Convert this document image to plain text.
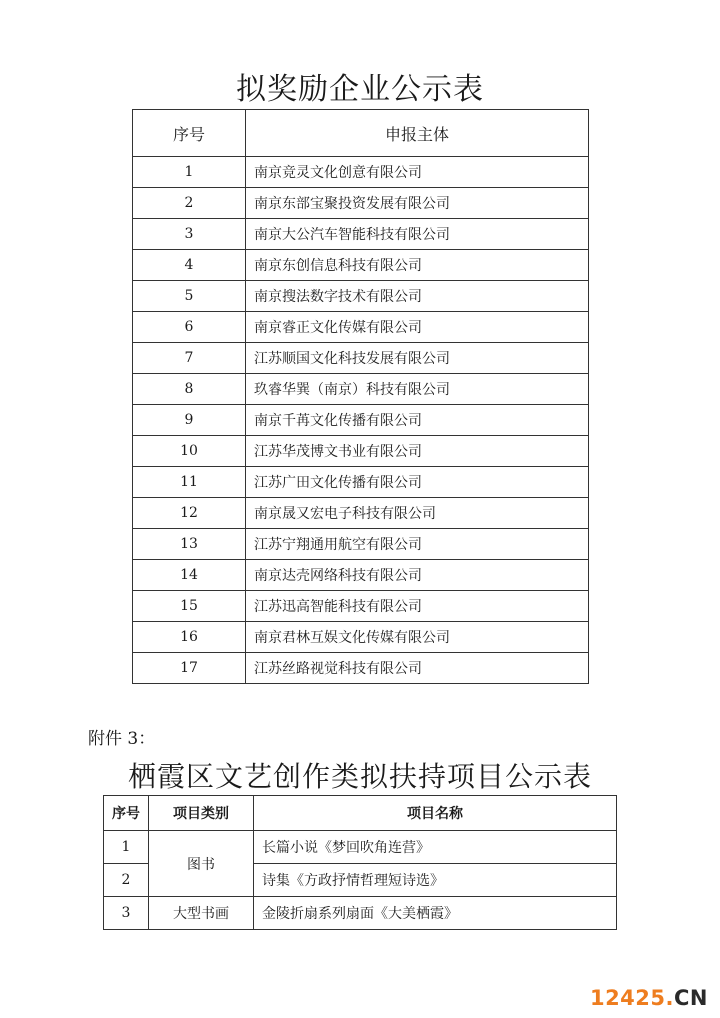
拟奖励企业公示表
序号	申报主体
1	南京竞灵文化创意有限公司
2	南京东部宝聚投资发展有限公司
3	南京大公汽车智能科技有限公司
4	南京东创信息科技有限公司
5	南京搜法数字技术有限公司
6	南京睿正文化传媒有限公司
7	江苏顺国文化科技发展有限公司
8	玖睿华巽（南京）科技有限公司
9	南京千苒文化传播有限公司
10	江苏华茂博文书业有限公司
11	江苏广田文化传播有限公司
12	南京晟又宏电子科技有限公司
13	江苏宁翔通用航空有限公司
14	南京达壳网络科技有限公司
15	江苏迅高智能科技有限公司
16	南京君林互娱文化传媒有限公司
17	江苏丝路视觉科技有限公司
附件 3：
栖霞区文艺创作类拟扶持项目公示表
序号	项目类别	项目名称
1	图书	长篇小说《梦回吹角连营》
2		诗集《方政抒情哲理短诗选》
3	大型书画	金陵折扇系列扇面《大美栖霞》
12425.CN
